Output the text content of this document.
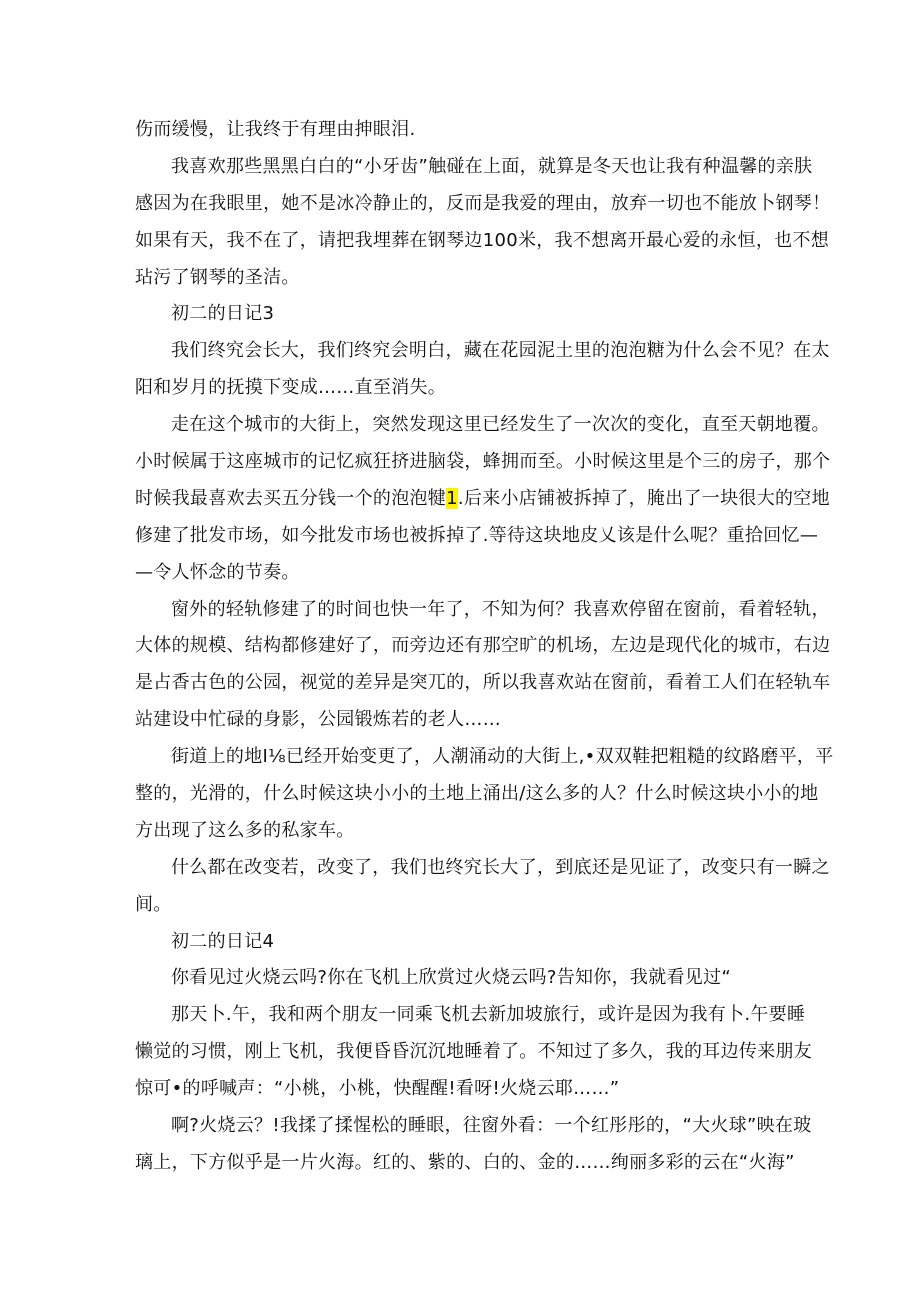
伤而缓慢，让我终于有理由抻眼泪.
我喜欢那些黑黑白白的“小牙齿”触碰在上面，就算是冬天也让我有种温馨的亲肤
感因为在我眼里，她不是冰冷静止的，反而是我爱的理由，放弃一切也不能放卜钢琴！
如果有天，我不在了，请把我埋葬在钢琴边100米，我不想离开最心爱的永恒，也不想
玷污了钢琴的圣洁。
初二的日记3
我们终究会长大，我们终究会明白，藏在花园泥土里的泡泡糖为什么会不见？在太
阳和岁月的抚摸下变成……直至消失。
走在这个城市的大街上，突然发现这里已经发生了一次次的变化，直至天朝地覆。
小时候属于这座城市的记忆疯狂挤进脑袋，蜂拥而至。小时候这里是个三的房子，那个
时候我最喜欢去买五分钱一个的泡泡犍1.后来小店铺被拆掉了，腌出了一块很大的空地
修建了批发市场，如今批发市场也被拆掉了.等待这块地皮乂该是什么呢？重拾回忆—
—令人怀念的节奏。
窗外的轻轨修建了的时间也快一年了，不知为何？我喜欢停留在窗前，看着轻轨，
大体的规模、结构都修建好了，而旁边还有那空旷的机场，左边是现代化的城市，右边
是占香古色的公园，视觉的差异是突兀的，所以我喜欢站在窗前，看着工人们在轻轨车
站建设中忙碌的身影，公园锻炼若的老人……
街道上的地I⅛已经开始变更了，人潮涌动的大街上,•双双鞋把粗糙的纹路磨平，平
整的，光滑的，什么时候这块小小的土地上涌出/这么多的人？什么时候这块小小的地
方出现了这么多的私家车。
什么都在改变若，改变了，我们也终究长大了，到底还是见证了，改变只有一瞬之
间。
初二的日记4
你看见过火烧云吗?你在飞机上欣赏过火烧云吗?告知你，我就看见过“
那天卜.午，我和两个朋友一同乘飞机去新加坡旅行，或许是因为我有卜.午要睡
懒觉的习惯，刚上飞机，我便昏昏沉沉地睡着了。不知过了多久，我的耳边传来朋友
惊可•的呼喊声：“小桃，小桃，快醒醒!看呀!火烧云耶……”
啊?火烧云？!我揉了揉惺松的睡眼，往窗外看：一个红彤彤的，“大火球”映在玻
璃上，下方似乎是一片火海。红的、紫的、白的、金的……绚丽多彩的云在“火海”
